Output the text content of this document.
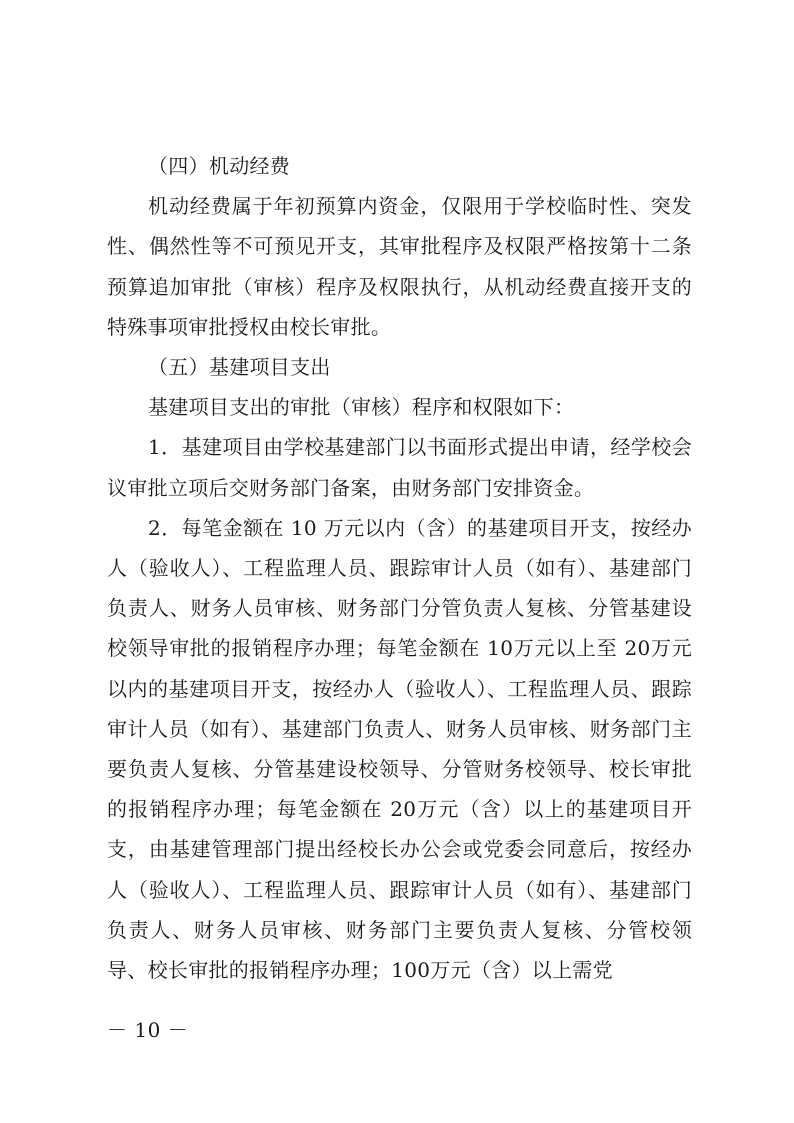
（四）机动经费

机动经费属于年初预算内资金，仅限用于学校临时性、突发性、偶然性等不可预见开支，其审批程序及权限严格按第十二条预算追加审批（审核）程序及权限执行，从机动经费直接开支的特殊事项审批授权由校长审批。

（五）基建项目支出

基建项目支出的审批（审核）程序和权限如下：

1．基建项目由学校基建部门以书面形式提出申请，经学校会议审批立项后交财务部门备案，由财务部门安排资金。

2．每笔金额在 10 万元以内（含）的基建项目开支，按经办人（验收人）、工程监理人员、跟踪审计人员（如有）、基建部门负责人、财务人员审核、财务部门分管负责人复核、分管基建设校领导审批的报销程序办理；每笔金额在 10万元以上至 20万元以内的基建项目开支，按经办人（验收人）、工程监理人员、跟踪审计人员（如有）、基建部门负责人、财务人员审核、财务部门主要负责人复核、分管基建设校领导、分管财务校领导、校长审批的报销程序办理；每笔金额在 20万元（含）以上的基建项目开支，由基建管理部门提出经校长办公会或党委会同意后，按经办人（验收人）、工程监理人员、跟踪审计人员（如有）、基建部门负责人、财务人员审核、财务部门主要负责人复核、分管校领导、校长审批的报销程序办理；100万元（含）以上需党

－ 10 －
